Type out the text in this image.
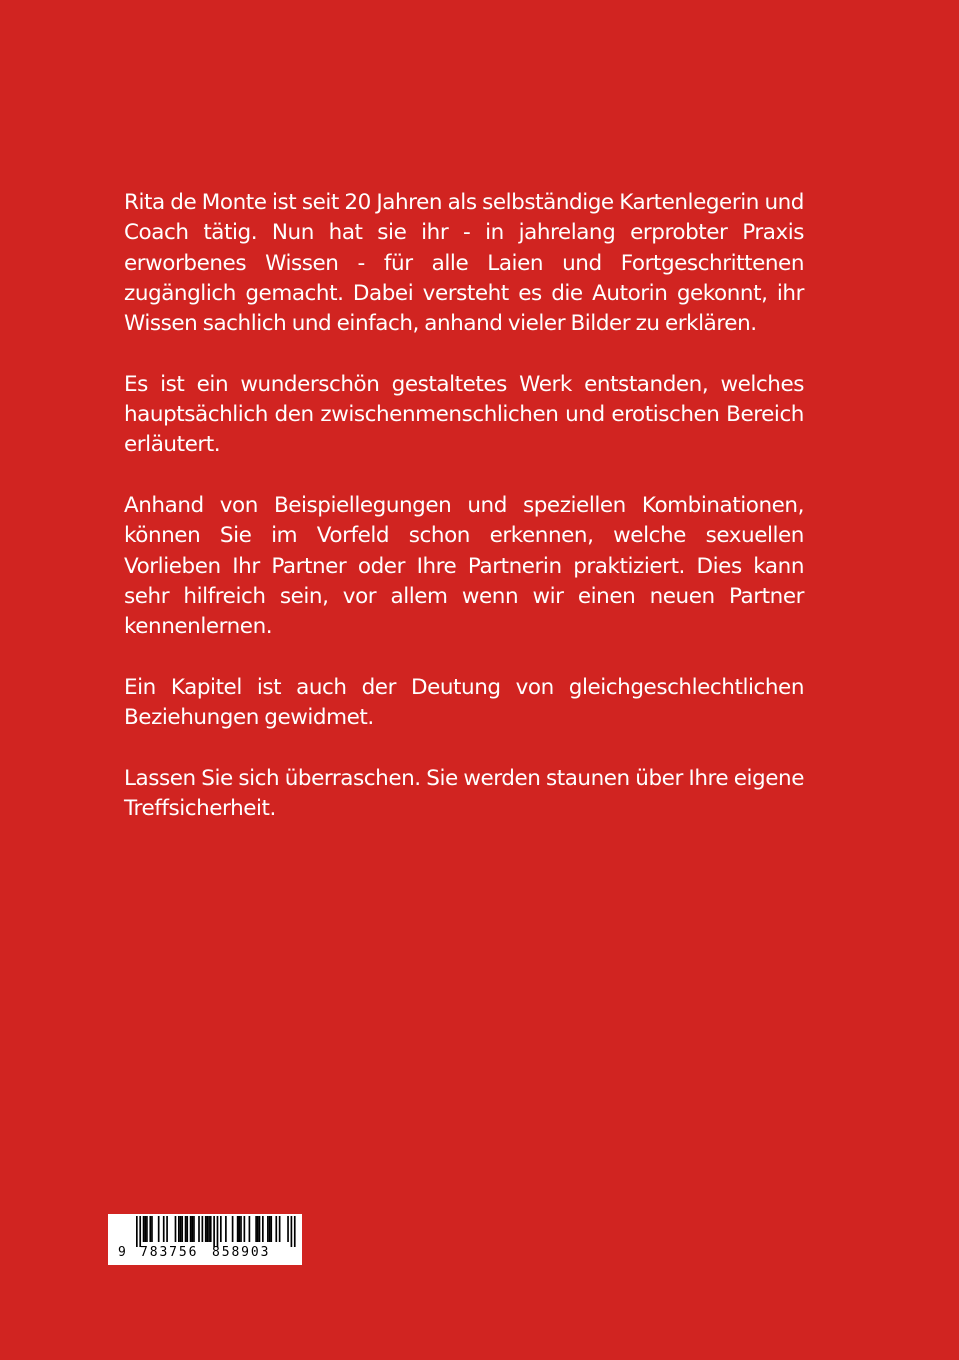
Rita de Monte ist seit 20 Jahren als selbständige Kartenlegerin und Coach tätig. Nun hat sie ihr - in jahrelang erprobter Praxis erworbenes Wissen - für alle Laien und Fortgeschrittenen zugänglich gemacht. Dabei versteht es die Autorin gekonnt, ihr Wissen sachlich und einfach, anhand vieler Bilder zu erklären.

Es ist ein wunderschön gestaltetes Werk entstanden, welches hauptsächlich den zwischenmenschlichen und erotischen Bereich erläutert.

Anhand von Beispiellegungen und speziellen Kombinationen, können Sie im Vorfeld schon erkennen, welche sexuellen Vorlieben Ihr Partner oder Ihre Partnerin praktiziert. Dies kann sehr hilfreich sein, vor allem wenn wir einen neuen Partner kennenlernen.

Ein Kapitel ist auch der Deutung von gleichgeschlechtlichen Beziehungen gewidmet.

Lassen Sie sich überraschen. Sie werden staunen über Ihre eigene Treffsicherheit.

9 783756 858903
